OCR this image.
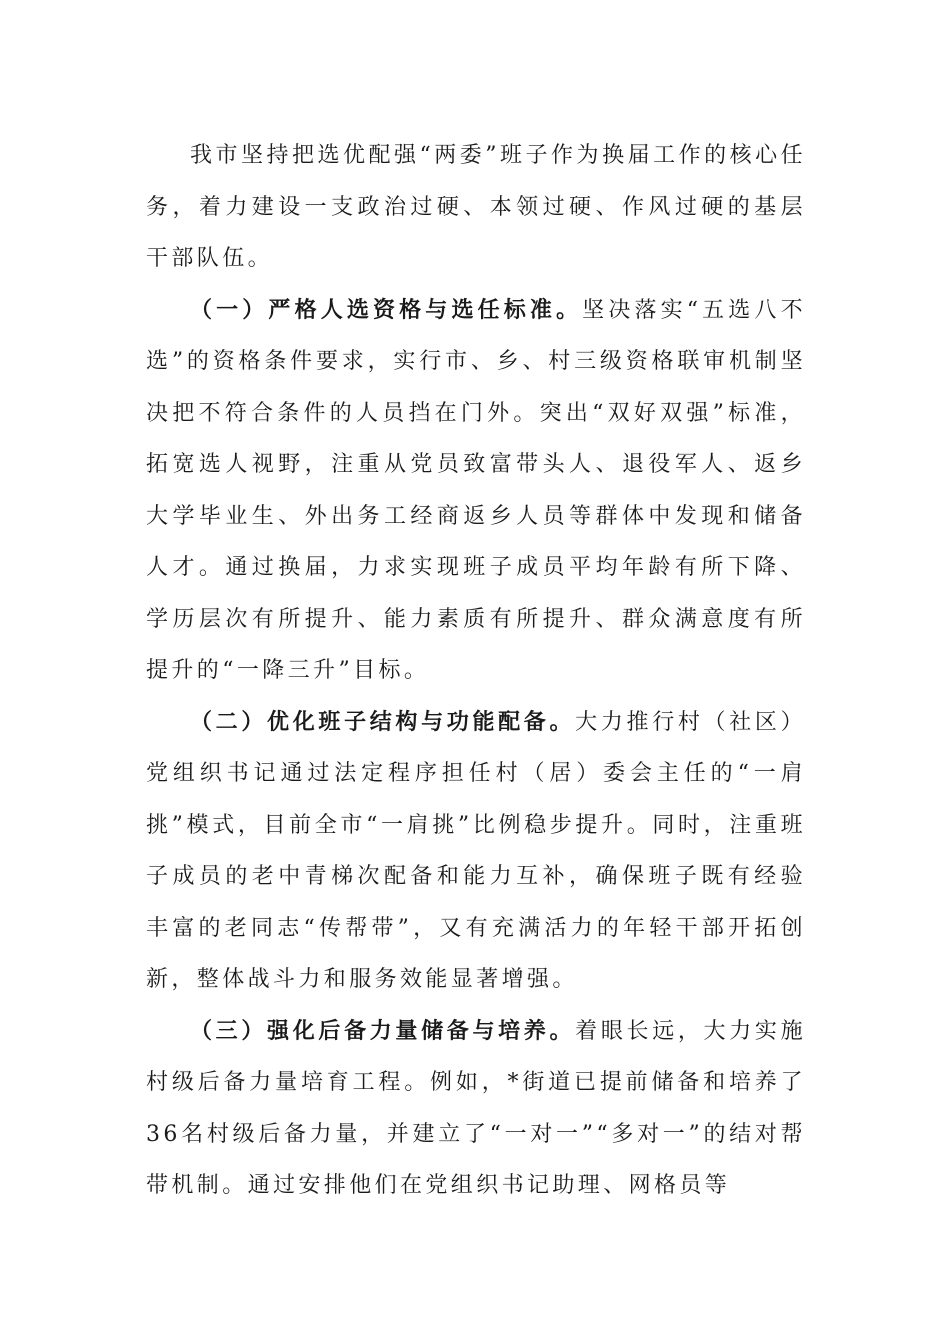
我市坚持把选优配强“两委”班子作为换届工作的核心任务，着力建设一支政治过硬、本领过硬、作风过硬的基层干部队伍。

（一）严格人选资格与选任标准。坚决落实“五选八不选”的资格条件要求，实行市、乡、村三级资格联审机制坚决把不符合条件的人员挡在门外。突出“双好双强”标准，拓宽选人视野，注重从党员致富带头人、退役军人、返乡大学毕业生、外出务工经商返乡人员等群体中发现和储备人才。通过换届，力求实现班子成员平均年龄有所下降、学历层次有所提升、能力素质有所提升、群众满意度有所提升的“一降三升”目标。

（二）优化班子结构与功能配备。大力推行村（社区）党组织书记通过法定程序担任村（居）委会主任的“一肩挑”模式，目前全市“一肩挑”比例稳步提升。同时，注重班子成员的老中青梯次配备和能力互补，确保班子既有经验丰富的老同志“传帮带”，又有充满活力的年轻干部开拓创新，整体战斗力和服务效能显著增强。

（三）强化后备力量储备与培养。着眼长远，大力实施村级后备力量培育工程。例如，*街道已提前储备和培养了36名村级后备力量，并建立了“一对一”“多对一”的结对帮带机制。通过安排他们在党组织书记助理、网格员等
